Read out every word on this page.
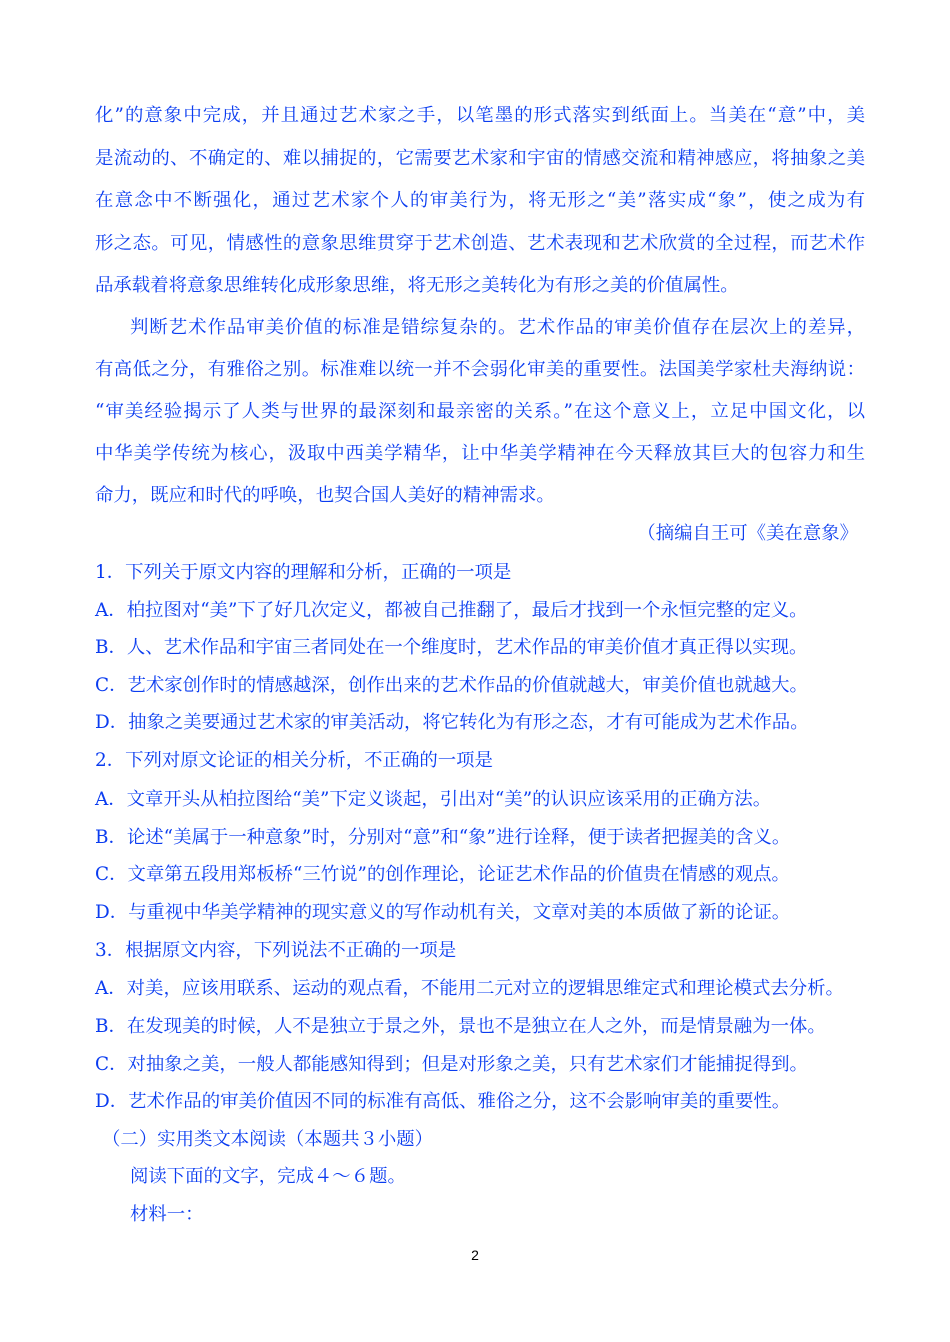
化”的意象中完成，并且通过艺术家之手，以笔墨的形式落实到纸面上。当美在“意”中，美
是流动的、不确定的、难以捕捉的，它需要艺术家和宇宙的情感交流和精神感应，将抽象之美
在意念中不断强化，通过艺术家个人的审美行为，将无形之“美”落实成“象”，使之成为有
形之态。可见，情感性的意象思维贯穿于艺术创造、艺术表现和艺术欣赏的全过程，而艺术作
品承载着将意象思维转化成形象思维，将无形之美转化为有形之美的价值属性。
判断艺术作品审美价值的标准是错综复杂的。艺术作品的审美价值存在层次上的差异，
有高低之分，有雅俗之别。标准难以统一并不会弱化审美的重要性。法国美学家杜夫海纳说：
“审美经验揭示了人类与世界的最深刻和最亲密的关系。”在这个意义上，立足中国文化，以
中华美学传统为核心，汲取中西美学精华，让中华美学精神在今天释放其巨大的包容力和生
命力，既应和时代的呼唤，也契合国人美好的精神需求。
（摘编自王可《美在意象》
1．下列关于原文内容的理解和分析，正确的一项是
A．柏拉图对“美”下了好几次定义，都被自己推翻了，最后才找到一个永恒完整的定义。
B．人、艺术作品和宇宙三者同处在一个维度时，艺术作品的审美价值才真正得以实现。
C．艺术家创作时的情感越深，创作出来的艺术作品的价值就越大，审美价值也就越大。
D．抽象之美要通过艺术家的审美活动，将它转化为有形之态，才有可能成为艺术作品。
2．下列对原文论证的相关分析，不正确的一项是
A．文章开头从柏拉图给“美”下定义谈起，引出对“美”的认识应该采用的正确方法。
B．论述“美属于一种意象”时，分别对“意”和“象”进行诠释，便于读者把握美的含义。
C．文章第五段用郑板桥“三竹说”的创作理论，论证艺术作品的价值贵在情感的观点。
D．与重视中华美学精神的现实意义的写作动机有关，文章对美的本质做了新的论证。
3．根据原文内容，下列说法不正确的一项是
A．对美，应该用联系、运动的观点看，不能用二元对立的逻辑思维定式和理论模式去分析。
B．在发现美的时候，人不是独立于景之外，景也不是独立在人之外，而是情景融为一体。
C．对抽象之美，一般人都能感知得到；但是对形象之美，只有艺术家们才能捕捉得到。
D．艺术作品的审美价值因不同的标准有高低、雅俗之分，这不会影响审美的重要性。
（二）实用类文本阅读（本题共３小题）
阅读下面的文字，完成４～６题。
材料一：
2
